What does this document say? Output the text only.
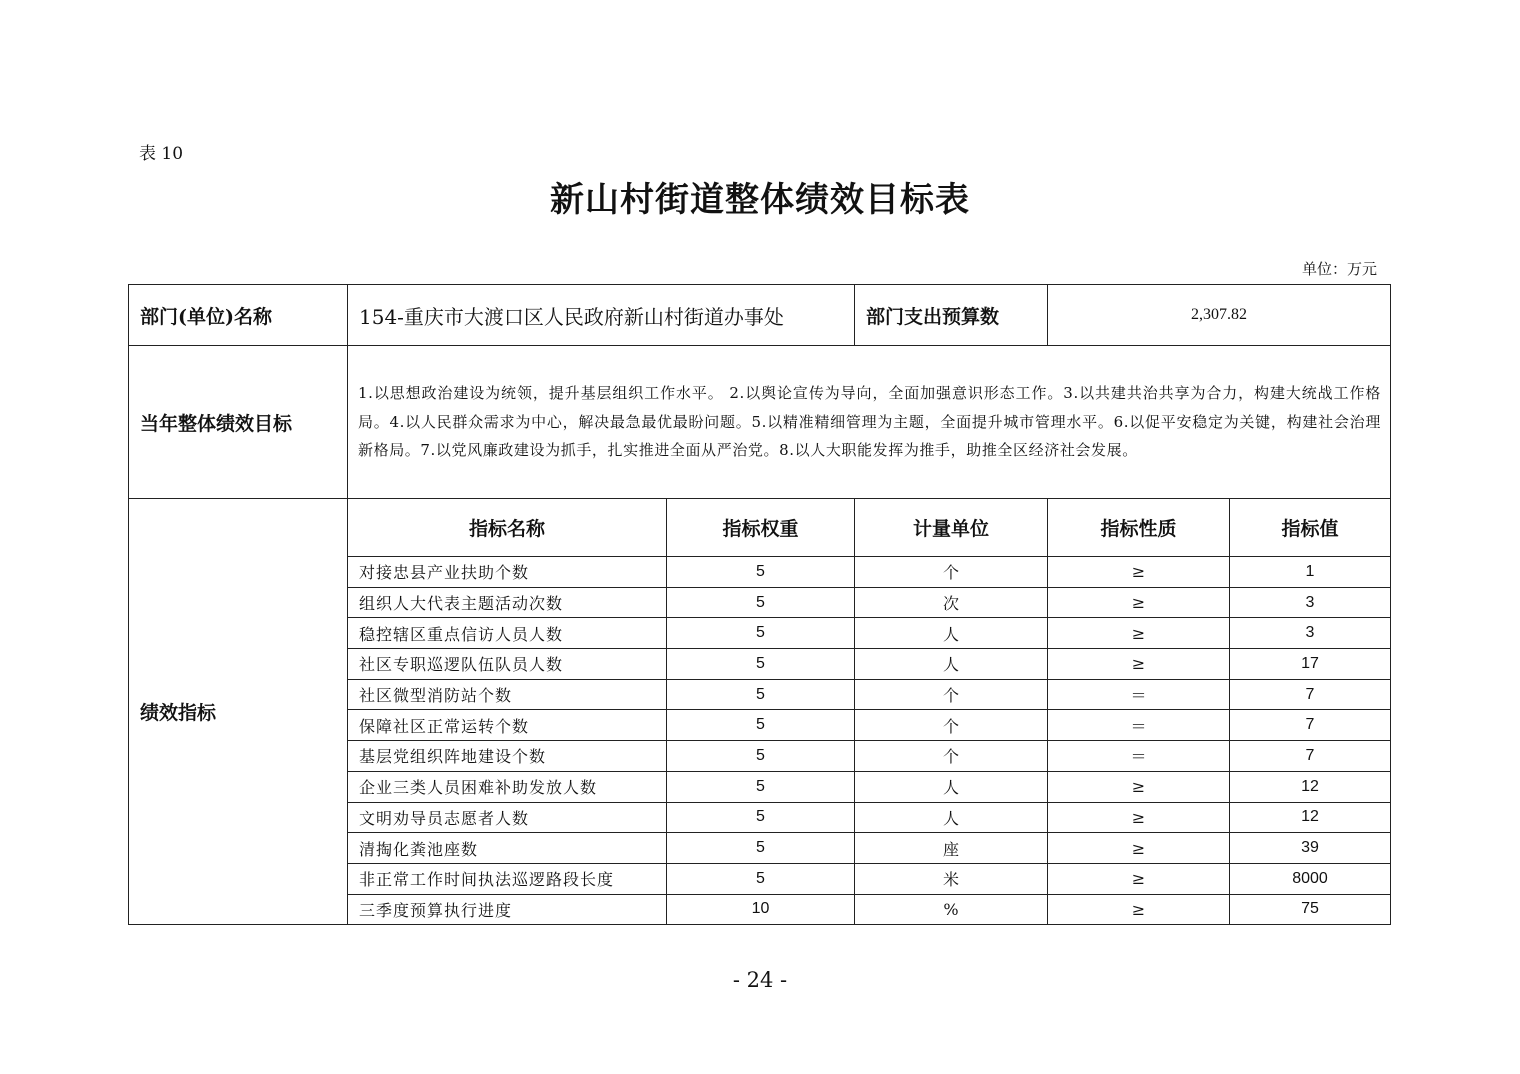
表 10
新山村街道整体绩效目标表
单位：万元
部门(单位)名称	154-重庆市大渡口区人民政府新山村街道办事处		部门支出预算数	2,307.82	
当年整体绩效目标	1.以思想政治建设为统领，提升基层组织工作水平。 2.以舆论宣传为导向，全面加强意识形态工作。3.以共建共治共享为合力，构建大统战工作格局。4.以人民群众需求为中心，解决最急最优最盼问题。5.以精准精细管理为主题，全面提升城市管理水平。6.以促平安稳定为关键，构建社会治理新格局。7.以党风廉政建设为抓手，扎实推进全面从严治党。8.以人大职能发挥为推手，助推全区经济社会发展。				
绩效指标	指标名称	指标权重	计量单位	指标性质	指标值
	对接忠县产业扶助个数	5	个	≥	1
	组织人大代表主题活动次数	5	次	≥	3
	稳控辖区重点信访人员人数	5	人	≥	3
	社区专职巡逻队伍队员人数	5	人	≥	17
	社区微型消防站个数	5	个	＝	7
	保障社区正常运转个数	5	个	＝	7
	基层党组织阵地建设个数	5	个	＝	7
	企业三类人员困难补助发放人数	5	人	≥	12
	文明劝导员志愿者人数	5	人	≥	12
	清掏化粪池座数	5	座	≥	39
	非正常工作时间执法巡逻路段长度	5	米	≥	8000
	三季度预算执行进度	10	%	≥	75
- 24 -
